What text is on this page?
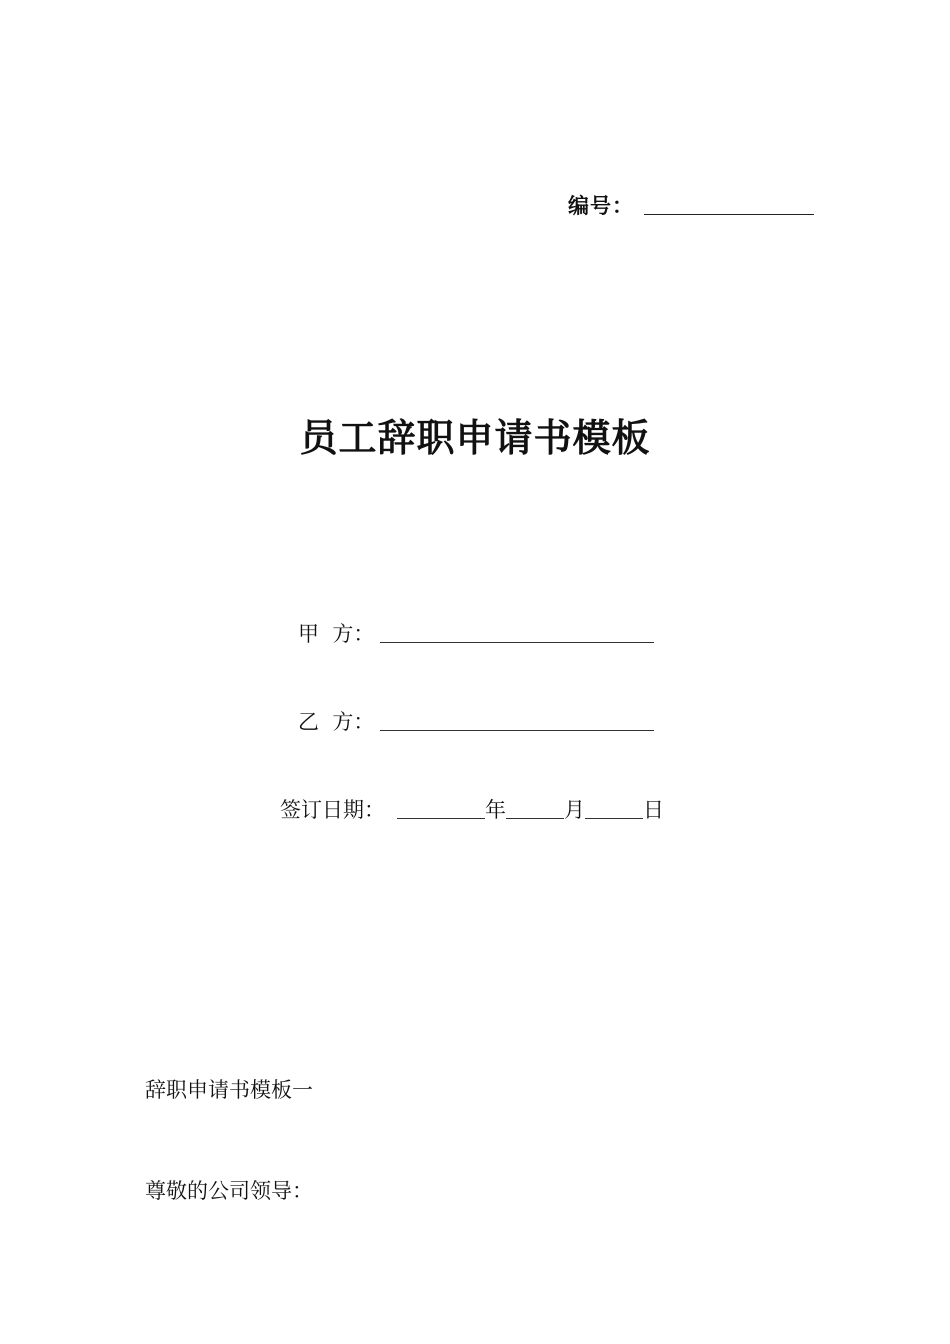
编号：
员工辞职申请书模板
甲  方：
乙  方：
签订日期：	年	月	日
辞职申请书模板一
尊敬的公司领导：
